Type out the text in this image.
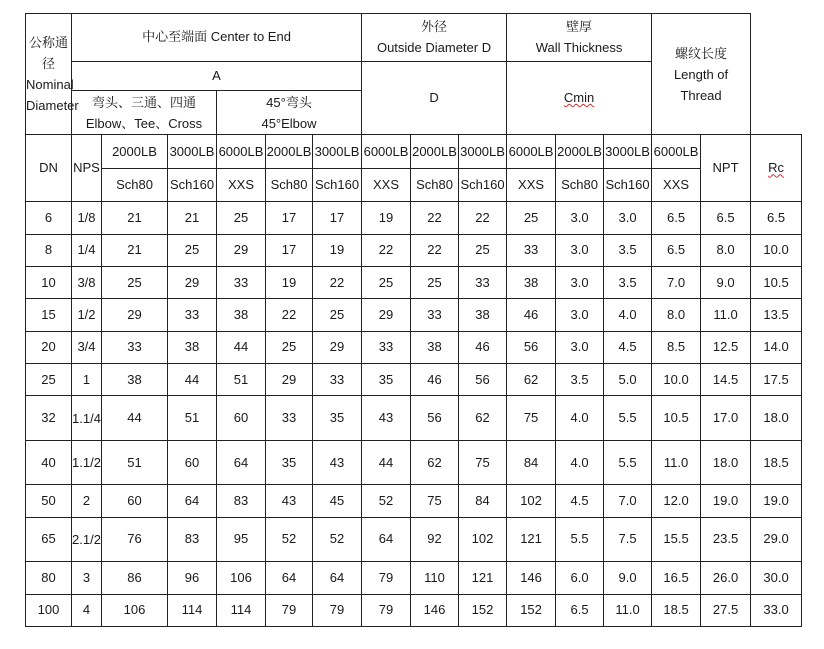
公称通径
Nominal
Diameter	中心至端面 Center to End						外径
Outside Diameter D			壁厚
Wall Thickness			螺纹长度
Length of
Thread		

	A						D			Cmin					

	弯头、三通、四通
Elbow、Tee、Cross			45°弯头
45°Elbow											

DN	NPS	2000LB	3000LB	6000LB	2000LB	3000LB	6000LB	2000LB	3000LB	6000LB	2000LB	3000LB	6000LB	NPT	Rc
		Sch80	Sch160	XXS	Sch80	Sch160	XXS	Sch80	Sch160	XXS	Sch80	Sch160	XXS		
6	1/8	21	21	25	17	17	19	22	22	25	3.0	3.0	6.5	6.5	6.5
8	1/4	21	25	29	17	19	22	22	25	33	3.0	3.5	6.5	8.0	10.0
10	3/8	25	29	33	19	22	25	25	33	38	3.0	3.5	7.0	9.0	10.5
15	1/2	29	33	38	22	25	29	33	38	46	3.0	4.0	8.0	11.0	13.5
20	3/4	33	38	44	25	29	33	38	46	56	3.0	4.5	8.5	12.5	14.0
25	1	38	44	51	29	33	35	46	56	62	3.5	5.0	10.0	14.5	17.5
32	1.1/4	44	51	60	33	35	43	56	62	75	4.0	5.5	10.5	17.0	18.0
40	1.1/2	51	60	64	35	43	44	62	75	84	4.0	5.5	11.0	18.0	18.5
50	2	60	64	83	43	45	52	75	84	102	4.5	7.0	12.0	19.0	19.0
65	2.1/2	76	83	95	52	52	64	92	102	121	5.5	7.5	15.5	23.5	29.0
80	3	86	96	106	64	64	79	110	121	146	6.0	9.0	16.5	26.0	30.0
100	4	106	114	114	79	79	79	146	152	152	6.5	11.0	18.5	27.5	33.0
